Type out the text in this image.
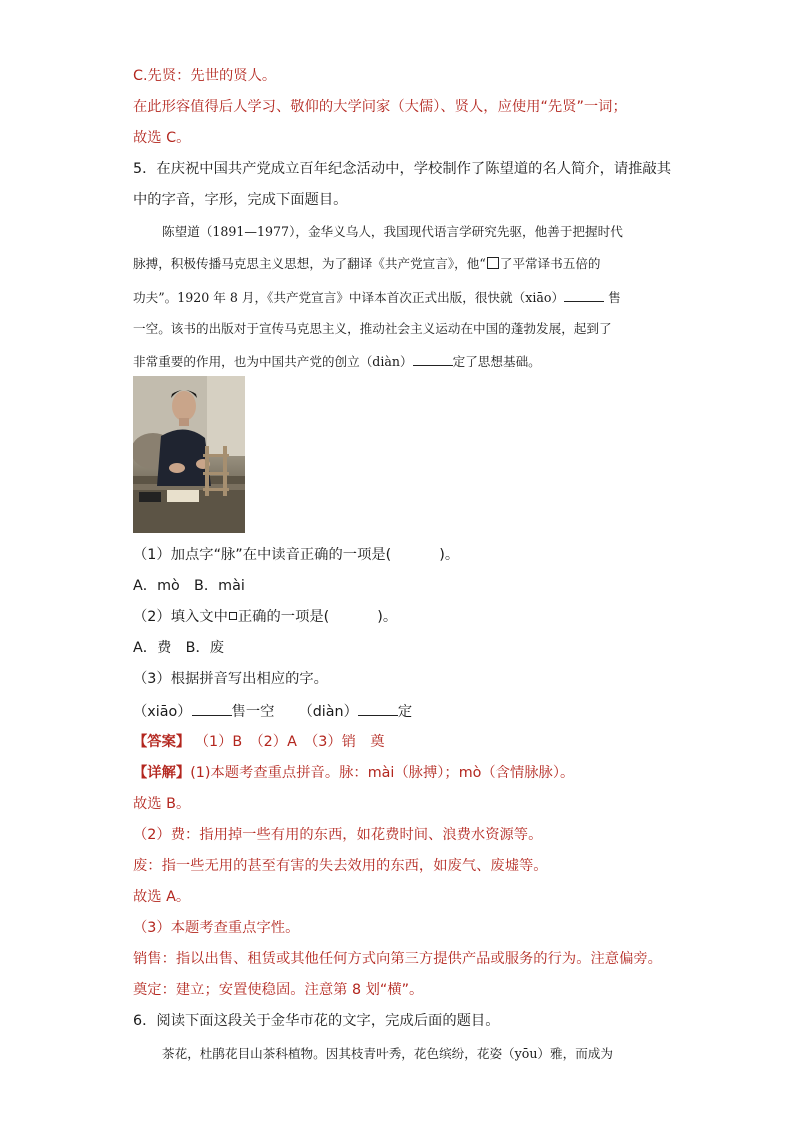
C.先贤：先世的贤人。
在此形容值得后人学习、敬仰的大学问家（大儒）、贤人，应使用“先贤”一词；
故选 C。
5．在庆祝中国共产党成立百年纪念活动中，学校制作了陈望道的名人简介，请推敲其
中的字音，字形，完成下面题目。
陈望道（1891—1977），金华义乌人，我国现代语言学研究先驱，他善于把握时代
脉搏，积极传播马克思主义思想，为了翻译《共产党宣言》，他“ 了平常译书五倍的
功夫”。1920 年 8 月，《共产党宣言》中译本首次正式出版，很快就（xiāo）	售
一空。该书的出版对于宣传马克思主义，推动社会主义运动在中国的蓬勃发展，起到了
非常重要的作用，也为中国共产党的创立（diàn）	定了思想基础。
（1）加点字“脉”在中读音正确的一项是(	)。
A．mò　B．mài
（2）填入文中 正确的一项是(	)。
A．费　B．废
（3）根据拼音写出相应的字。
（xiāo）	售一空 （diàn）	定
【答案】 （1）B　（2）A　（3）销　奠
【详解】(1)本题考查重点拼音。脉：mài（脉搏）；mò（含情脉脉）。
故选 B。
（2）费：指用掉一些有用的东西，如花费时间、浪费水资源等。
废：指一些无用的甚至有害的失去效用的东西，如废气、废墟等。
故选 A。
（3）本题考查重点字性。
销售：指以出售、租赁或其他任何方式向第三方提供产品或服务的行为。注意偏旁。
奠定：建立；安置使稳固。注意第 8 划“横”。
6．阅读下面这段关于金华市花的文字，完成后面的题目。
茶花，杜鹃花目山茶科植物。因其枝青叶秀，花色缤纷，花姿（yōu）雅，而成为
